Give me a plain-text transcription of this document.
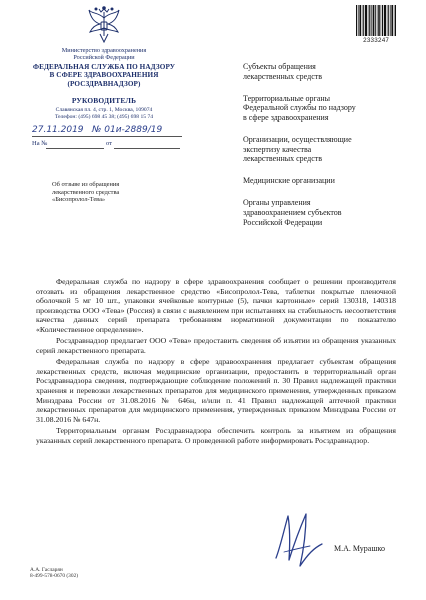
Министерство здравоохранения
Российской Федерации
ФЕДЕРАЛЬНАЯ СЛУЖБА ПО НАДЗОРУ
В СФЕРЕ ЗДРАВООХРАНЕНИЯ
(РОСЗДРАВНАДЗОР)
РУКОВОДИТЕЛЬ
Славянская пл. 4, стр. 1, Москва, 109074
Телефон: (495) 698 45 38; (495) 698 15 74
27.11.2019 № 01и-2889/19
На №	от
Об отзыве из обращения
лекарственного средства
«Бисопролол-Тева»
2333247

Субъекты обращения
лекарственных средств

Территориальные органы
Федеральной службы по надзору
в сфере здравоохранения

Организации, осуществляющие
экспертизу качества
лекарственных средств

Медицинские организации

Органы управления
здравоохранением субъектов
Российской Федерации

Федеральная служба по надзору в сфере здравоохранения сообщает о решении производителя отозвать из обращения лекарственное средство «Бисопролол-Тева, таблетки покрытые пленочной оболочкой 5 мг 10 шт., упаковки ячейковые контурные (5), пачки картонные» серий 130318, 140318 производства ООО «Тева» (Россия) в связи с выявлением при испытаниях на стабильность несоответствия качества данных серий препарата требованиям нормативной документации по показателю «Количественное определение».

Росздравнадзор предлагает ООО «Тева» предоставить сведения об изъятии из обращения указанных серий лекарственного препарата.

Федеральная служба по надзору в сфере здравоохранения предлагает субъектам обращения лекарственных средств, включая медицинские организации, предоставить в территориальный орган Росздравнадзора сведения, подтверждающие соблюдение положений п. 30 Правил надлежащей практики хранения и перевозки лекарственных препаратов для медицинского применения, утвержденных приказом Минздрава России от 31.08.2016 № 646н, и/или п. 41 Правил надлежащей аптечной практики лекарственных препаратов для медицинского применения, утвержденных приказом Минздрава России от 31.08.2016 № 647н.

Территориальным органам Росздравнадзора обеспечить контроль за изъятием из обращения указанных серий лекарственного препарата. О проведенной работе информировать Росздравнадзор.

М.А. Мурашко
А.А. Гасларян
8-499-578-0670 (302)
